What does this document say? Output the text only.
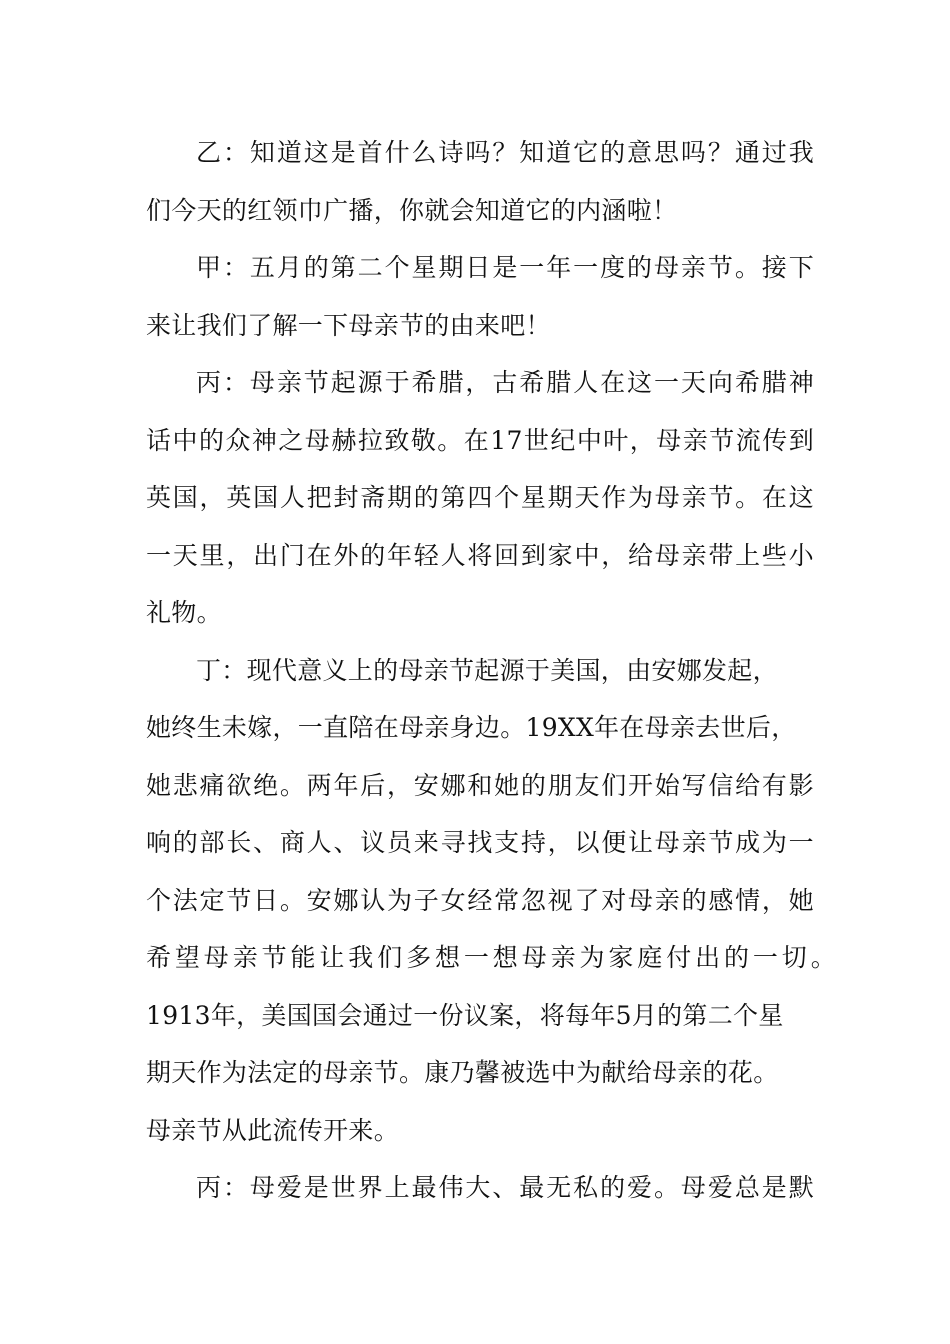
乙：知道这是首什么诗吗？知道它的意思吗？通过我
们今天的红领巾广播，你就会知道它的内涵啦！
甲：五月的第二个星期日是一年一度的母亲节。接下
来让我们了解一下母亲节的由来吧！
丙：母亲节起源于希腊，古希腊人在这一天向希腊神
话中的众神之母赫拉致敬。在17世纪中叶，母亲节流传到
英国，英国人把封斋期的第四个星期天作为母亲节。在这
一天里，出门在外的年轻人将回到家中，给母亲带上些小
礼物。
丁：现代意义上的母亲节起源于美国，由安娜发起，
她终生未嫁，一直陪在母亲身边。19XX年在母亲去世后，
她悲痛欲绝。两年后，安娜和她的朋友们开始写信给有影
响的部长、商人、议员来寻找支持，以便让母亲节成为一
个法定节日。安娜认为子女经常忽视了对母亲的感情，她
希望母亲节能让我们多想一想母亲为家庭付出的一切。
1913年，美国国会通过一份议案，将每年5月的第二个星
期天作为法定的母亲节。康乃馨被选中为献给母亲的花。
母亲节从此流传开来。
丙：母爱是世界上最伟大、最无私的爱。母爱总是默
